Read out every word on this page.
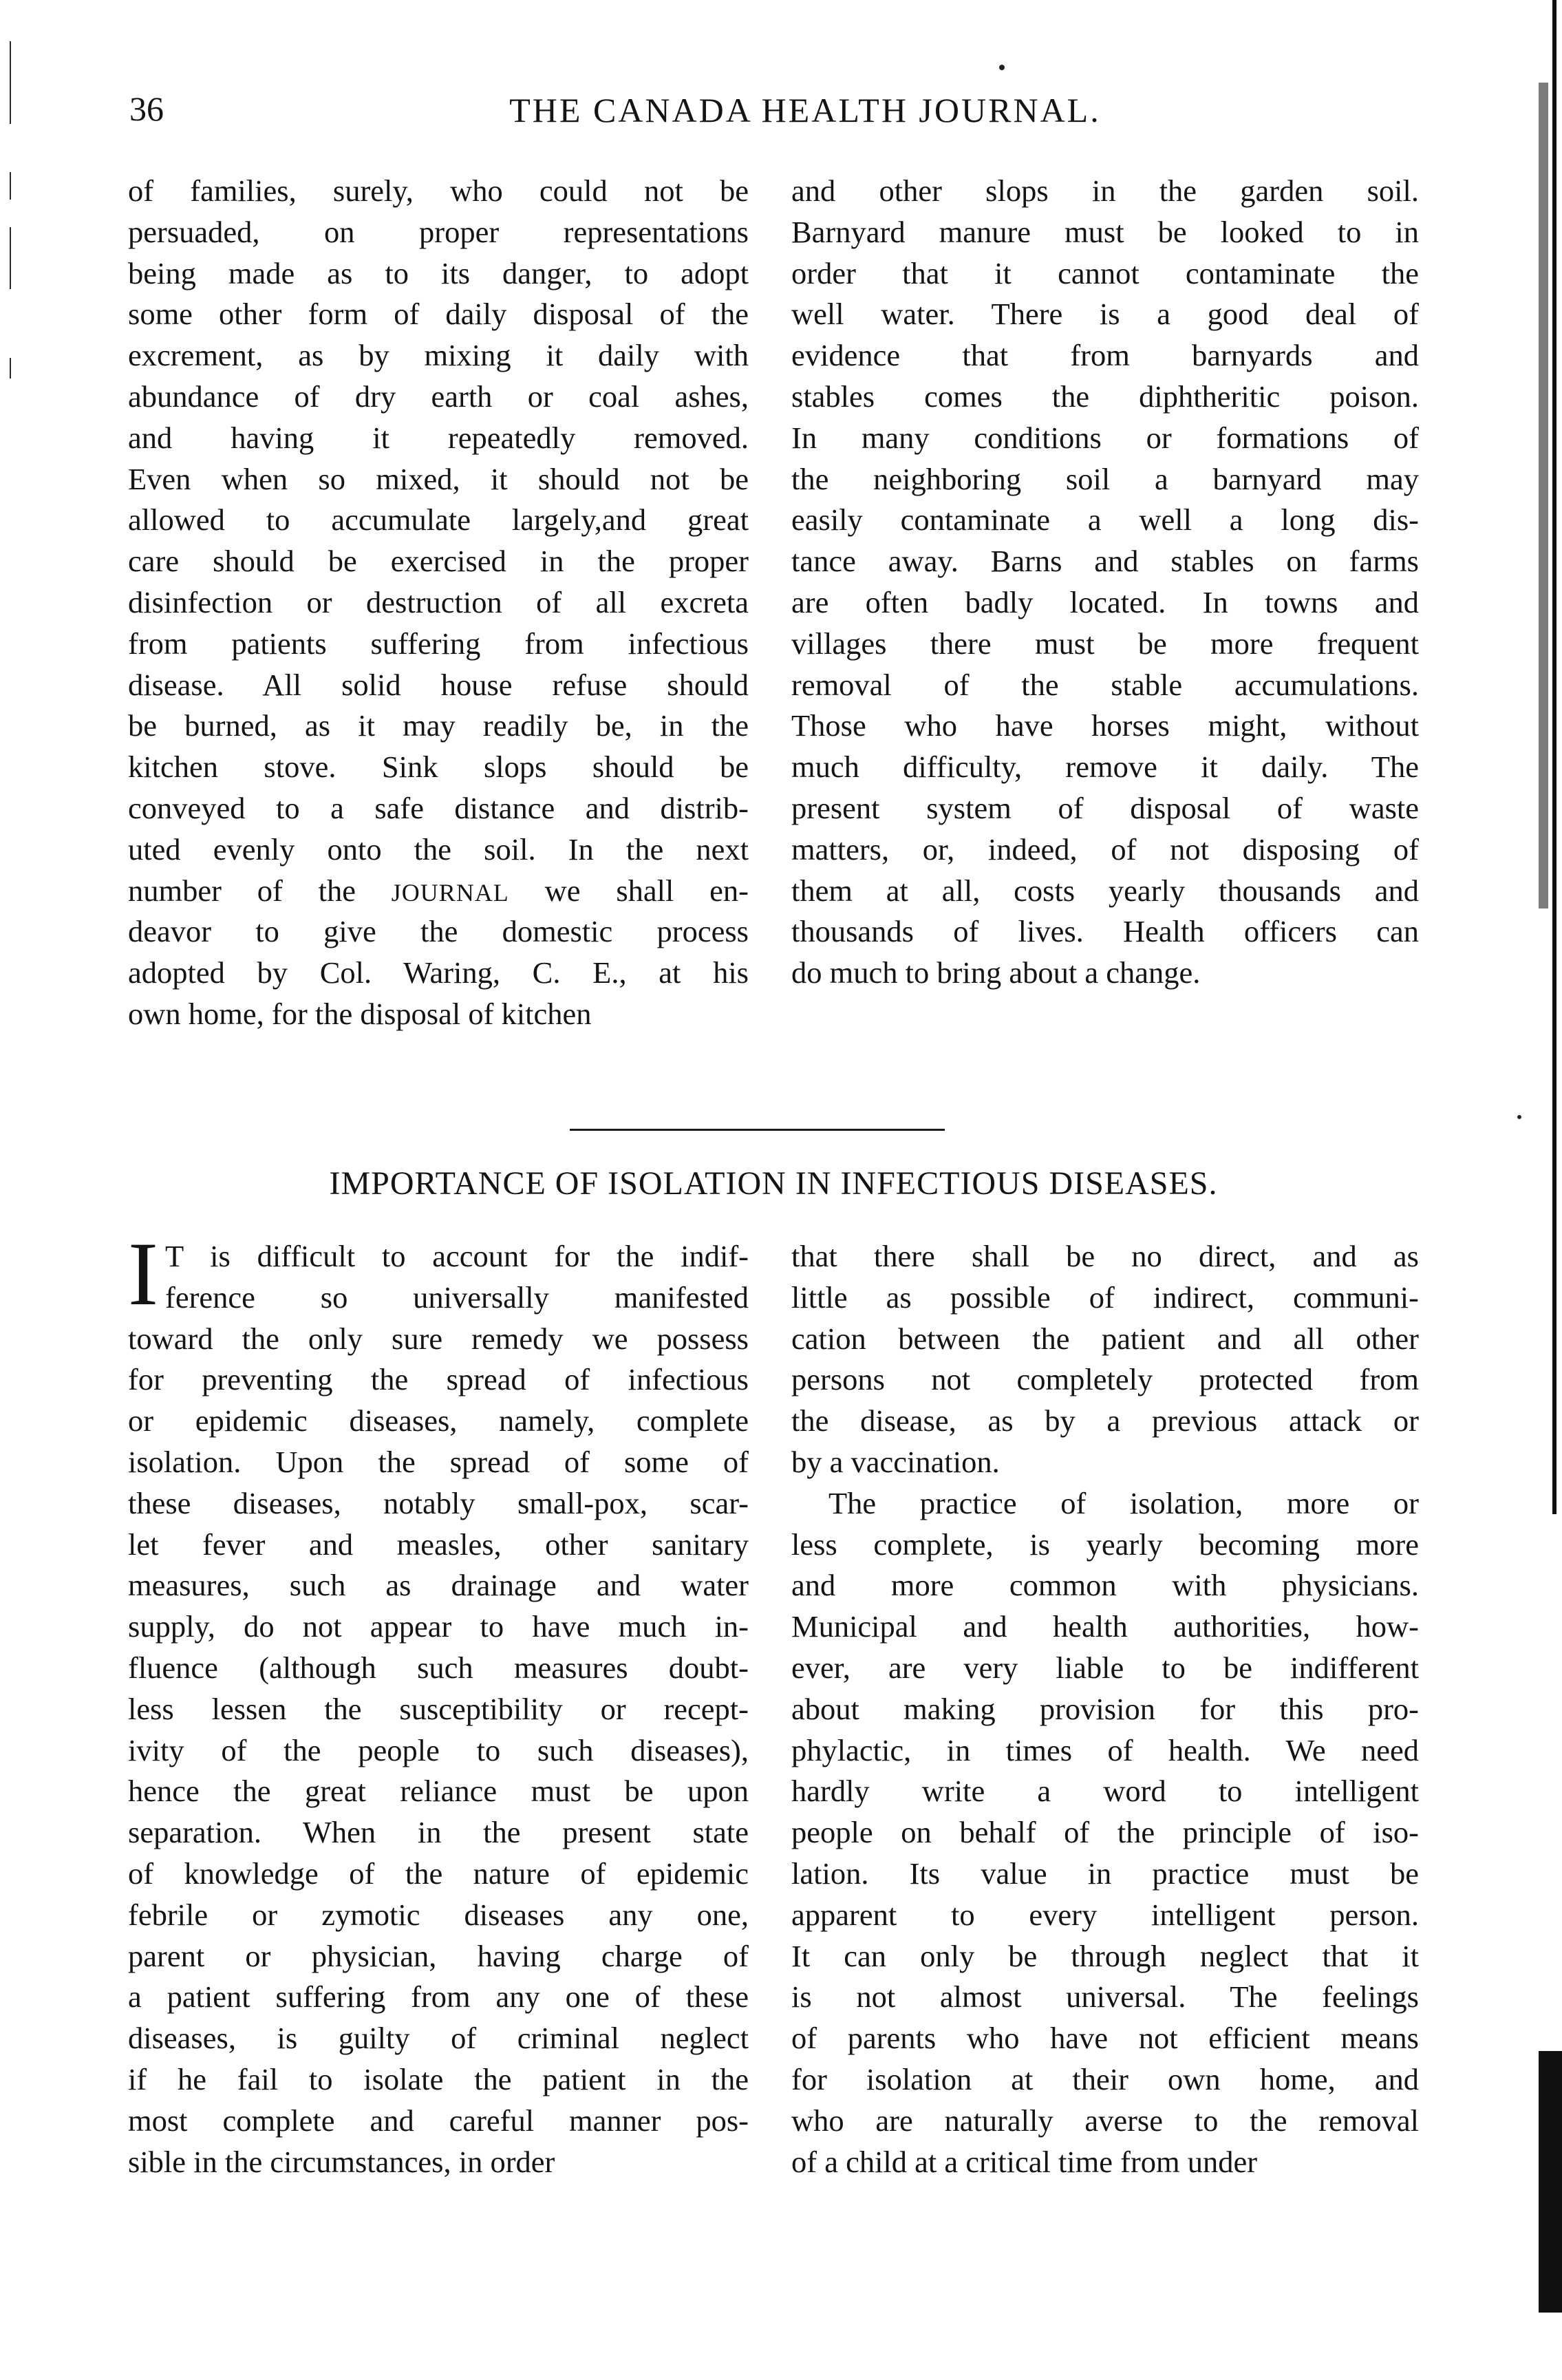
36	THE CANADA HEALTH JOURNAL.
of families, surely, who could not be
persuaded, on proper representations
being made as to its danger, to adopt
some other form of daily disposal of the
excrement, as by mixing it daily with
abundance of dry earth or coal ashes,
and having it repeatedly removed.
Even when so mixed, it should not be
allowed to accumulate largely,and great
care should be exercised in the proper
disinfection or destruction of all excreta
from patients suffering from infectious
disease. All solid house refuse should
be burned, as it may readily be, in the
kitchen stove. Sink slops should be
conveyed to a safe distance and distrib-
uted evenly onto the soil. In the next
number of the JOURNAL we shall en-
deavor to give the domestic process
adopted by Col. Waring, C. E., at his
own home, for the disposal of kitchen
and other slops in the garden soil.
Barnyard manure must be looked to in
order that it cannot contaminate the
well water. There is a good deal of
evidence that from barnyards and
stables comes the diphtheritic poison.
In many conditions or formations of
the neighboring soil a barnyard may
easily contaminate a well a long dis-
tance away. Barns and stables on farms
are often badly located. In towns and
villages there must be more frequent
removal of the stable accumulations.
Those who have horses might, without
much difficulty, remove it daily. The
present system of disposal of waste
matters, or, indeed, of not disposing of
them at all, costs yearly thousands and
thousands of lives. Health officers can
do much to bring about a change.
IMPORTANCE OF ISOLATION IN INFECTIOUS DISEASES.
I T is difficult to account for the indif-
ference so universally manifested
toward the only sure remedy we possess
for preventing the spread of infectious
or epidemic diseases, namely, complete
isolation. Upon the spread of some of
these diseases, notably small-pox, scar-
let fever and measles, other sanitary
measures, such as drainage and water
supply, do not appear to have much in-
fluence (although such measures doubt-
less lessen the susceptibility or recept-
ivity of the people to such diseases),
hence the great reliance must be upon
separation. When in the present state
of knowledge of the nature of epidemic
febrile or zymotic diseases any one,
parent or physician, having charge of
a patient suffering from any one of these
diseases, is guilty of criminal neglect
if he fail to isolate the patient in the
most complete and careful manner pos-
sible in the circumstances, in order
that there shall be no direct, and as
little as possible of indirect, communi-
cation between the patient and all other
persons not completely protected from
the disease, as by a previous attack or
by a vaccination.
The practice of isolation, more or
less complete, is yearly becoming more
and more common with physicians.
Municipal and health authorities, how-
ever, are very liable to be indifferent
about making provision for this pro-
phylactic, in times of health. We need
hardly write a word to intelligent
people on behalf of the principle of iso-
lation. Its value in practice must be
apparent to every intelligent person.
It can only be through neglect that it
is not almost universal. The feelings
of parents who have not efficient means
for isolation at their own home, and
who are naturally averse to the removal
of a child at a critical time from under
